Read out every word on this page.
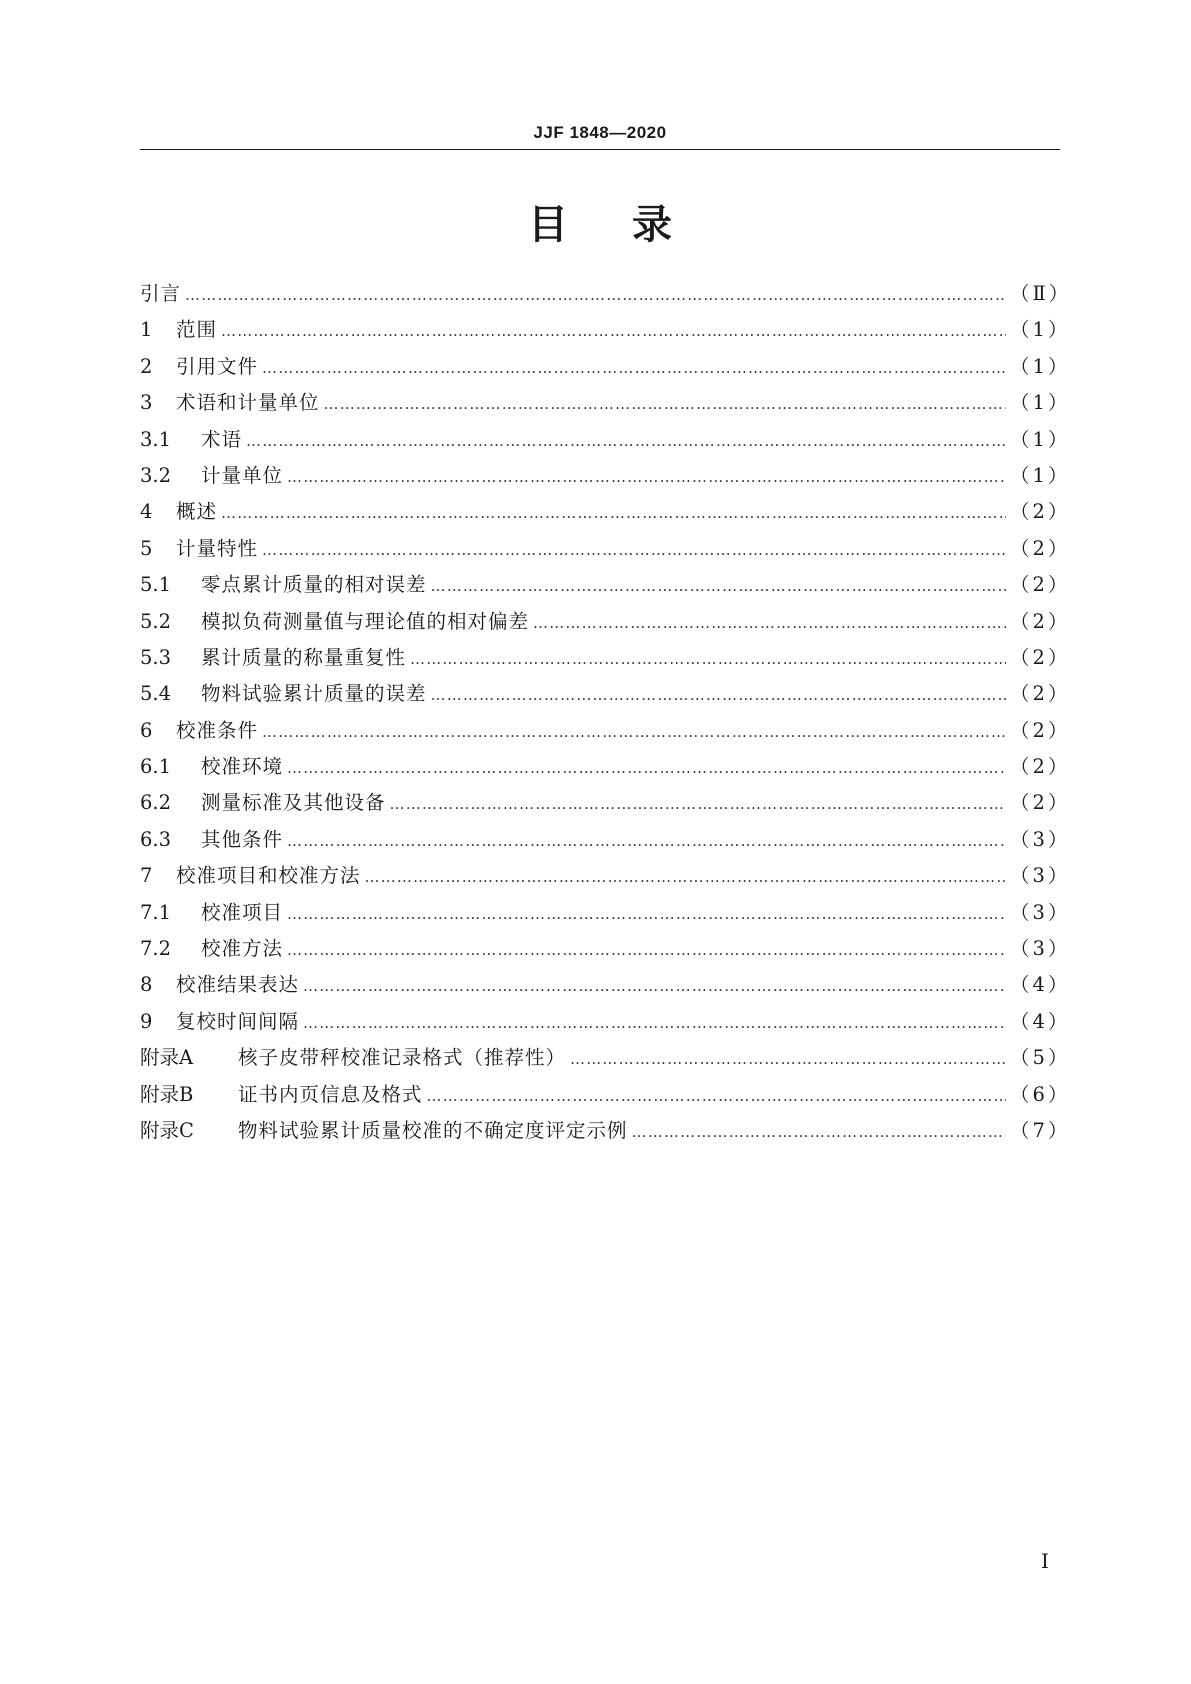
JJF 1848—2020
目录
引言 ………………………………………………………………………………………………………………………………………………………………………………………………	（Ⅱ）
1	范围 ………………………………………………………………………………………………………………………………………………………………………………………………	（1）
2	引用文件 ………………………………………………………………………………………………………………………………………………………………………………………………	（1）
3	术语和计量单位 ………………………………………………………………………………………………………………………………………………………………………………………………	（1）
3.1	术语 ………………………………………………………………………………………………………………………………………………………………………………………………	（1）
3.2	计量单位 ………………………………………………………………………………………………………………………………………………………………………………………………	（1）
4	概述 ………………………………………………………………………………………………………………………………………………………………………………………………	（2）
5	计量特性 ………………………………………………………………………………………………………………………………………………………………………………………………	（2）
5.1	零点累计质量的相对误差 ………………………………………………………………………………………………………………………………………………………………………………………………	（2）
5.2	模拟负荷测量值与理论值的相对偏差 ………………………………………………………………………………………………………………………………………………………………………………………………	（2）
5.3	累计质量的称量重复性 ………………………………………………………………………………………………………………………………………………………………………………………………	（2）
5.4	物料试验累计质量的误差 ………………………………………………………………………………………………………………………………………………………………………………………………	（2）
6	校准条件 ………………………………………………………………………………………………………………………………………………………………………………………………	（2）
6.1	校准环境 ………………………………………………………………………………………………………………………………………………………………………………………………	（2）
6.2	测量标准及其他设备 ………………………………………………………………………………………………………………………………………………………………………………………………	（2）
6.3	其他条件 ………………………………………………………………………………………………………………………………………………………………………………………………	（3）
7	校准项目和校准方法 ………………………………………………………………………………………………………………………………………………………………………………………………	（3）
7.1	校准项目 ………………………………………………………………………………………………………………………………………………………………………………………………	（3）
7.2	校准方法 ………………………………………………………………………………………………………………………………………………………………………………………………	（3）
8	校准结果表达 ………………………………………………………………………………………………………………………………………………………………………………………………	（4）
9	复校时间间隔 ………………………………………………………………………………………………………………………………………………………………………………………………	（4）
附录A	核子皮带秤校准记录格式（推荐性） ………………………………………………………………………………………………………………………………………………………………………………………………	（5）
附录B	证书内页信息及格式 ………………………………………………………………………………………………………………………………………………………………………………………………	（6）
附录C	物料试验累计质量校准的不确定度评定示例 ………………………………………………………………………………………………………………………………………………………………………………………………	（7）
Ⅰ
